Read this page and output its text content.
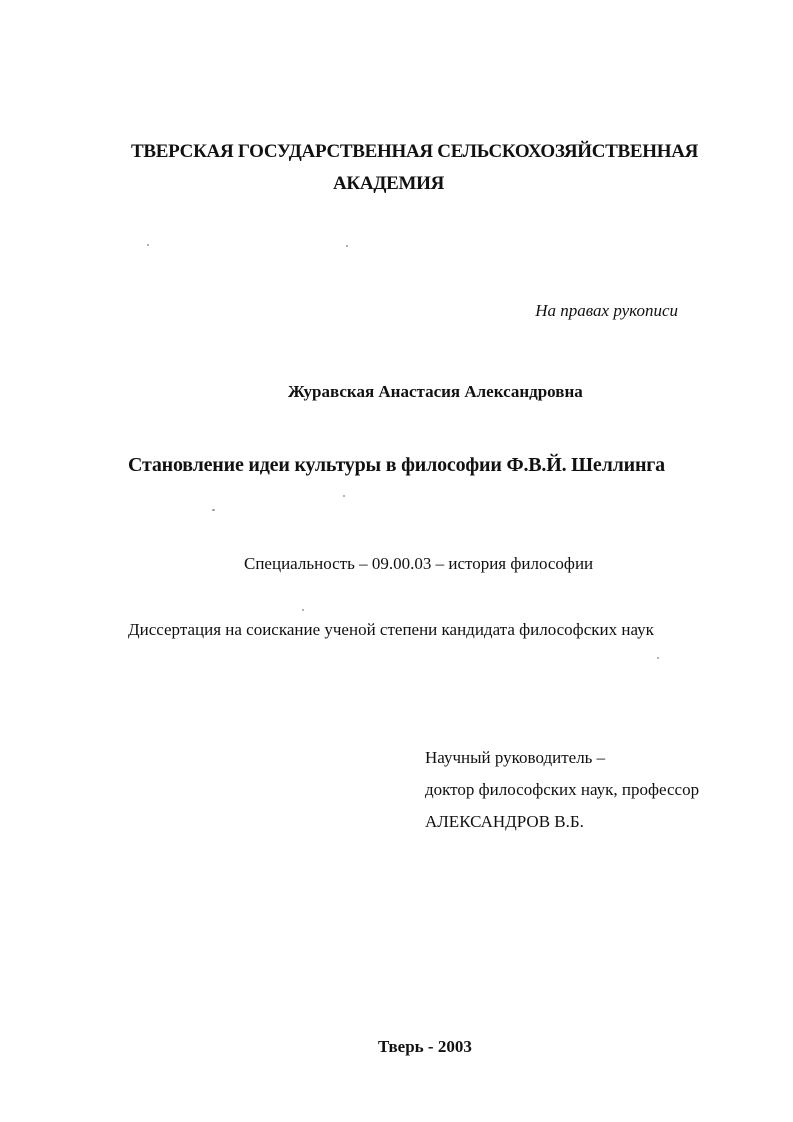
ТВЕРСКАЯ ГОСУДАРСТВЕННАЯ СЕЛЬСКОХОЗЯЙСТВЕННАЯ
АКАДЕМИЯ
На правах рукописи
Журавская Анастасия Александровна
Становление идеи культуры в философии Ф.В.Й. Шеллинга
Специальность – 09.00.03 – история философии
Диссертация на соискание ученой степени кандидата философских наук
Научный руководитель –
доктор философских наук, профессор
АЛЕКСАНДРОВ В.Б.
Тверь - 2003
